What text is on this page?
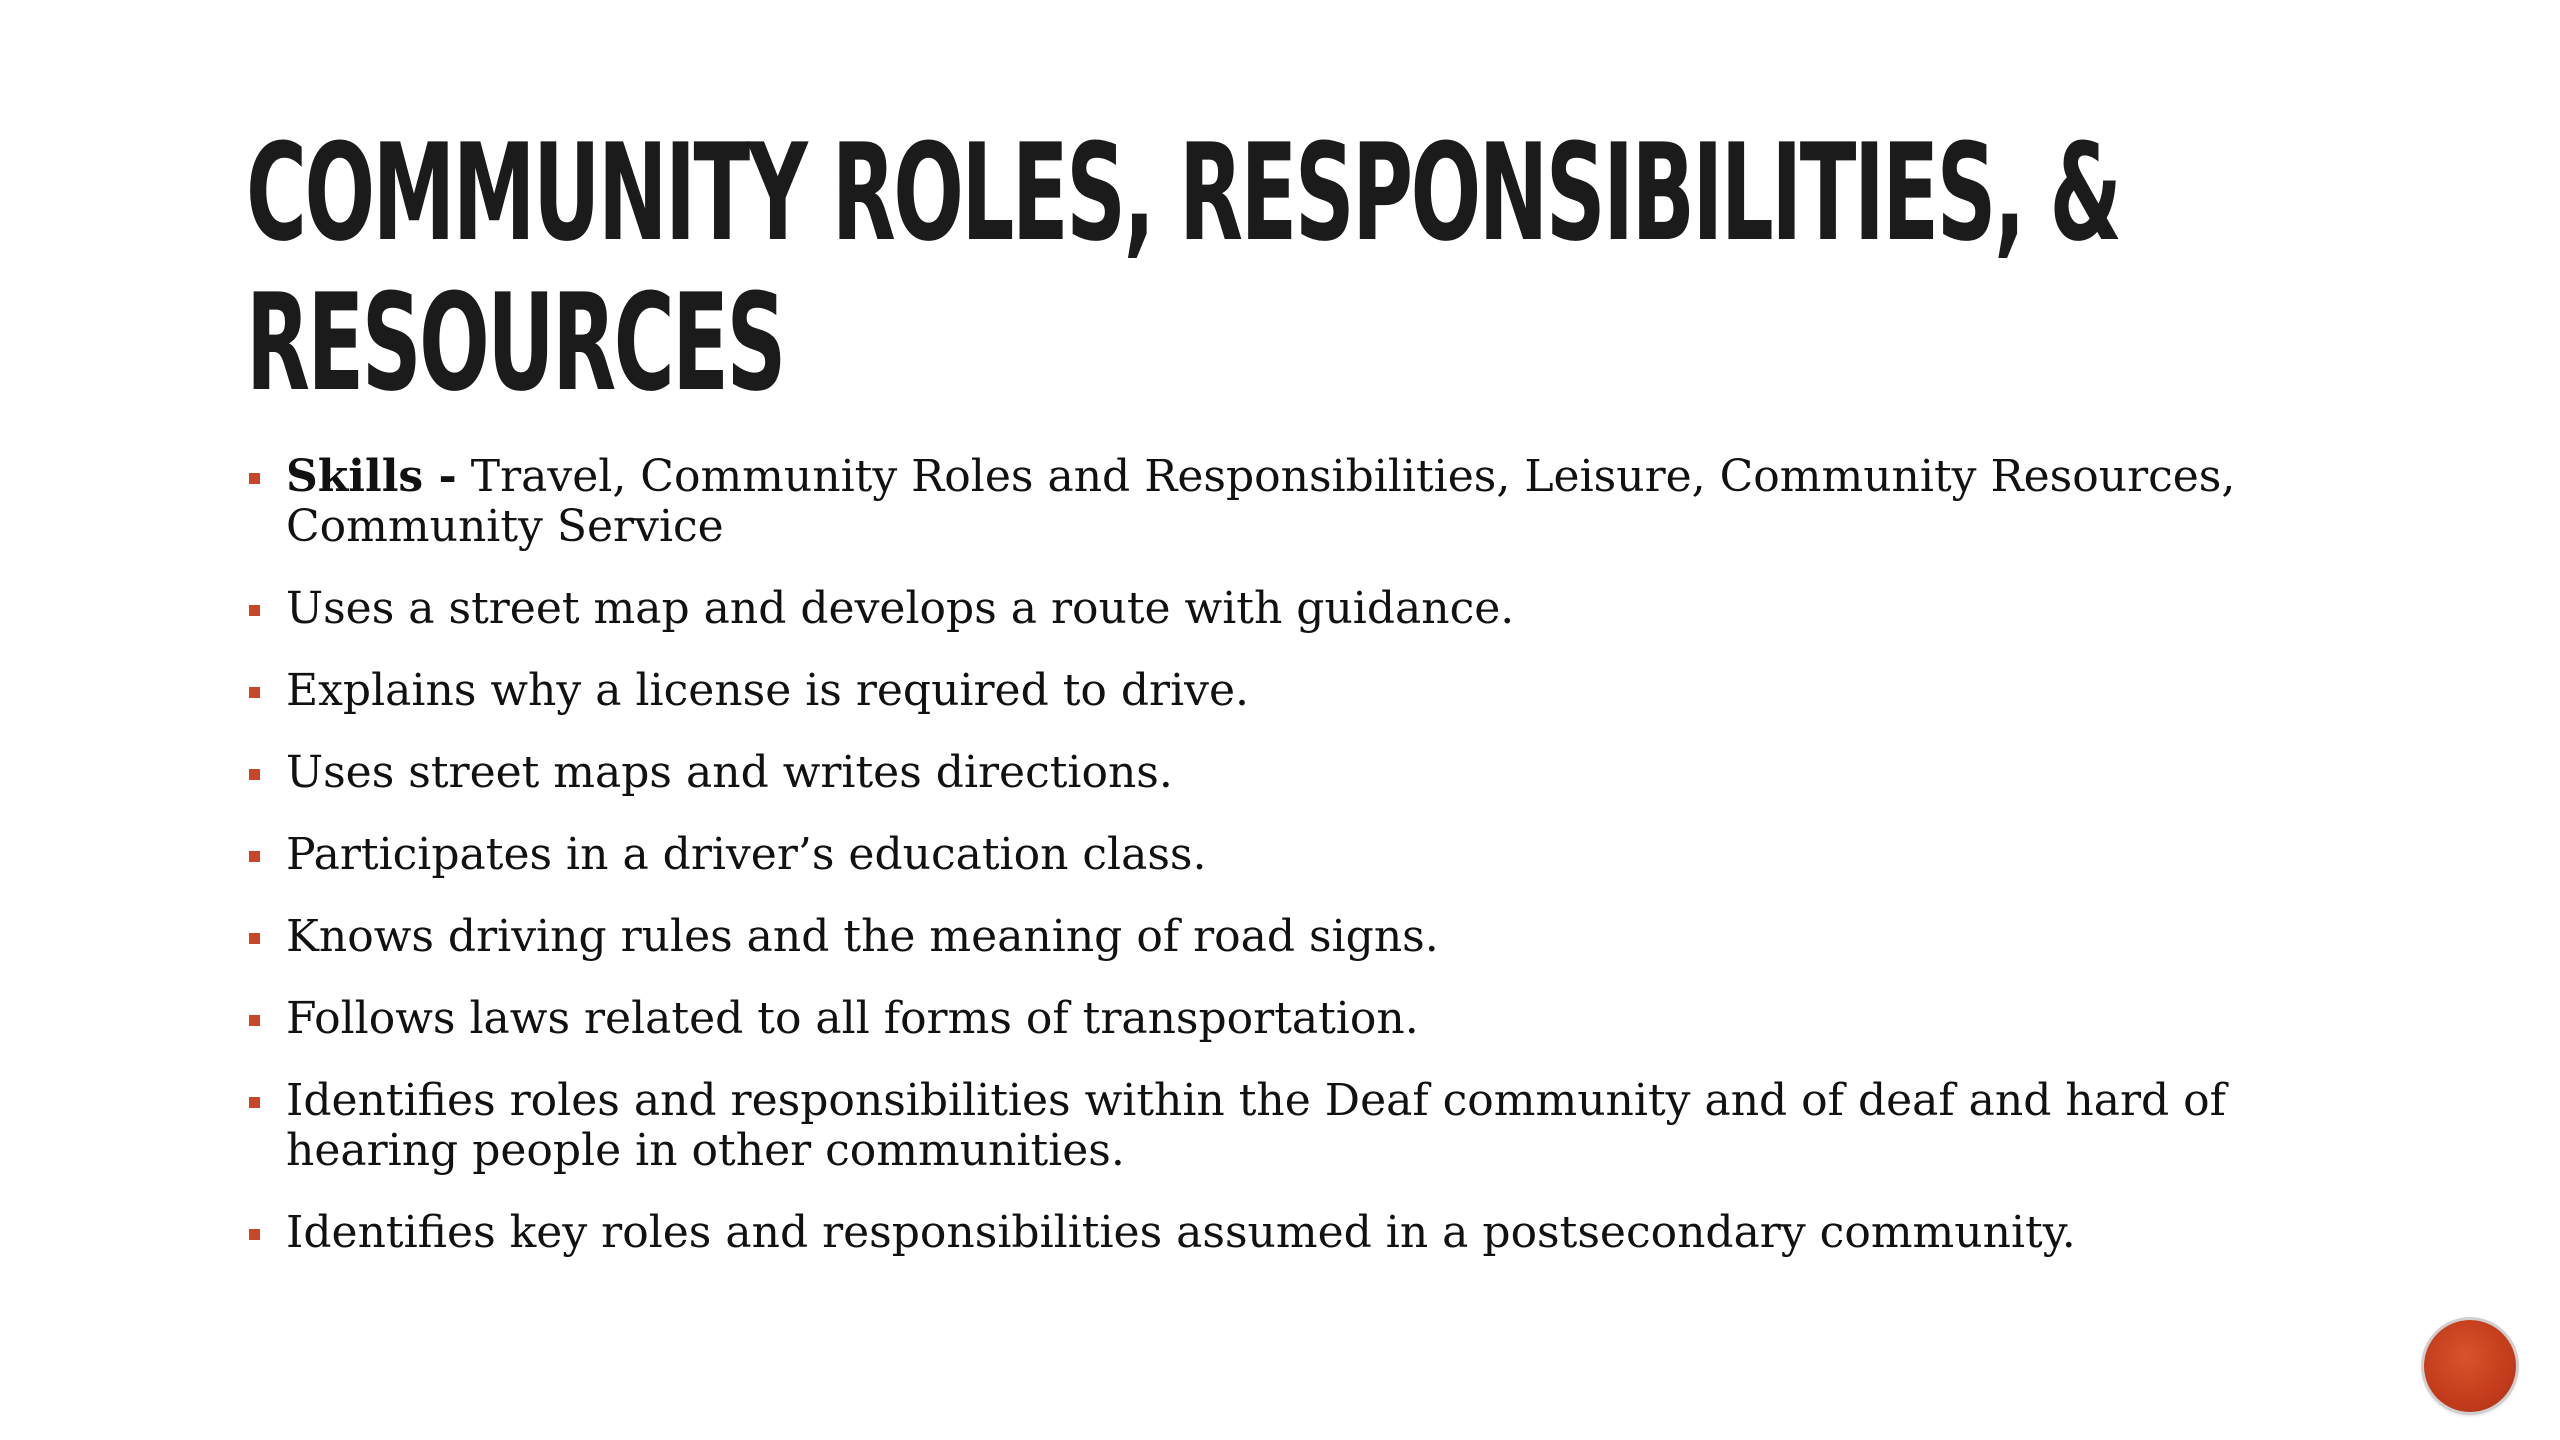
COMMUNITY ROLES, RESPONSIBILITIES, &
RESOURCES
Skills - Travel, Community Roles and Responsibilities, Leisure, Community Resources, Community Service
Uses a street map and develops a route with guidance.
Explains why a license is required to drive.
Uses street maps and writes directions.
Participates in a driver’s education class.
Knows driving rules and the meaning of road signs.
Follows laws related to all forms of transportation.
Identifies roles and responsibilities within the Deaf community and of deaf and hard of hearing people in other communities.
Identifies key roles and responsibilities assumed in a postsecondary community.
